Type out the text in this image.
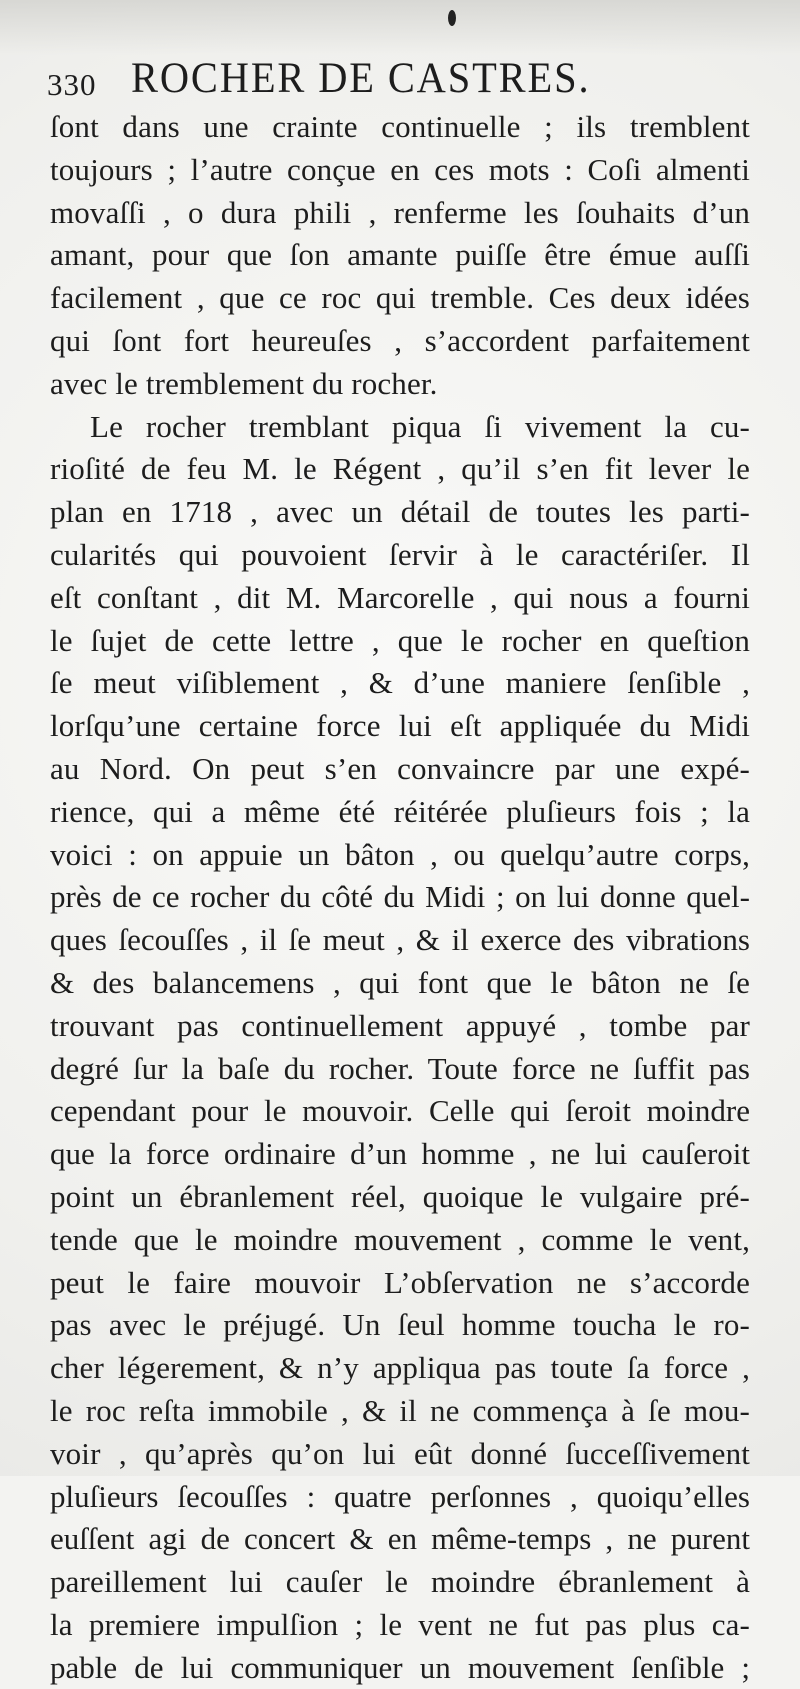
330 ROCHER DE CASTRES.
ſont dans une crainte continuelle ; ils tremblent
toujours ; l’autre conçue en ces mots : Coſi almenti
movaſſi , o dura phili , renferme les ſouhaits d’un
amant, pour que ſon amante puiſſe être émue auſſi
facilement , que ce roc qui tremble. Ces deux idées
qui ſont fort heureuſes , s’accordent parfaitement
avec le tremblement du rocher.
Le rocher tremblant piqua ſi vivement la cu-
rioſité de feu M. le Régent , qu’il s’en fit lever le
plan en 1718 , avec un détail de toutes les parti-
cularités qui pouvoient ſervir à le caractériſer. Il
eſt conſtant , dit M. Marcorelle , qui nous a fourni
le ſujet de cette lettre , que le rocher en queſtion
ſe meut viſiblement , & d’une maniere ſenſible ,
lorſqu’une certaine force lui eſt appliquée du Midi
au Nord. On peut s’en convaincre par une expé-
rience, qui a même été réitérée pluſieurs fois ; la
voici : on appuie un bâton , ou quelqu’autre corps,
près de ce rocher du côté du Midi ; on lui donne quel-
ques ſecouſſes , il ſe meut , & il exerce des vibrations
& des balancemens , qui font que le bâton ne ſe
trouvant pas continuellement appuyé , tombe par
degré ſur la baſe du rocher. Toute force ne ſuffit pas
cependant pour le mouvoir. Celle qui ſeroit moindre
que la force ordinaire d’un homme , ne lui cauſeroit
point un ébranlement réel, quoique le vulgaire pré-
tende que le moindre mouvement , comme le vent,
peut le faire mouvoir L’obſervation ne s’accorde
pas avec le préjugé. Un ſeul homme toucha le ro-
cher légerement, & n’y appliqua pas toute ſa force ,
le roc reſta immobile , & il ne commença à ſe mou-
voir , qu’après qu’on lui eût donné ſucceſſivement
pluſieurs ſecouſſes : quatre perſonnes , quoiqu’elles
euſſent agi de concert & en même-temps , ne purent
pareillement lui cauſer le moindre ébranlement à
la premiere impulſion ; le vent ne fut pas plus ca-
pable de lui communiquer un mouvement ſenſible ;
